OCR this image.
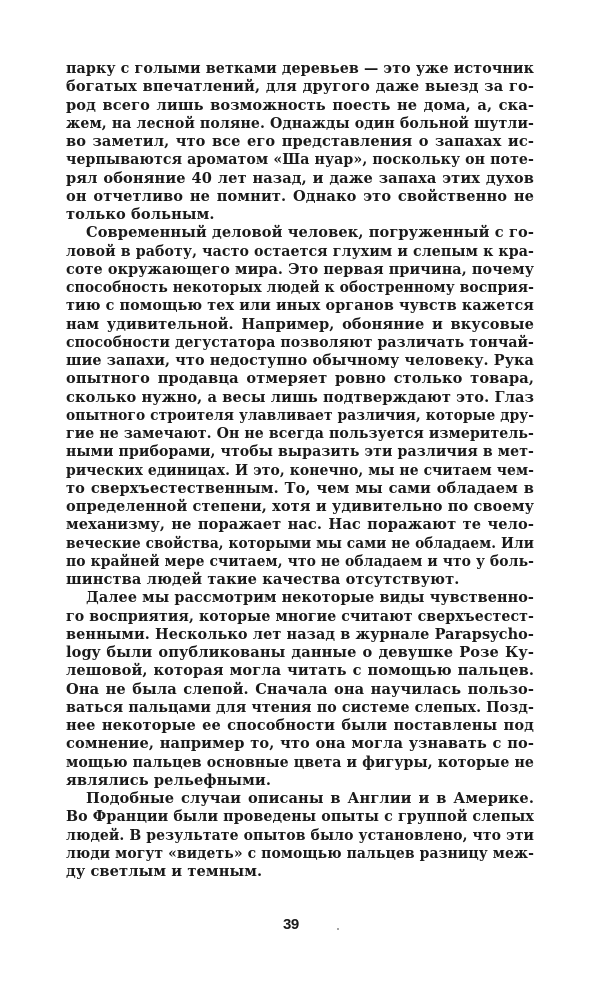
парку с голыми ветками деревьев — это уже источник
богатых впечатлений, для другого даже выезд за го-
род всего лишь возможность поесть не дома, а, ска-
жем, на лесной поляне. Однажды один больной шутли-
во заметил, что все его представления о запахах ис-
черпываются ароматом «Ша нуар», поскольку он поте-
рял обоняние 40 лет назад, и даже запаха этих духов
он отчетливо не помнит. Однако это свойственно не
только больным.
Современный деловой человек, погруженный с го-
ловой в работу, часто остается глухим и слепым к кра-
соте окружающего мира. Это первая причина, почему
способность некоторых людей к обостренному восприя-
тию с помощью тех или иных органов чувств кажется
нам удивительной. Например, обоняние и вкусовые
способности дегустатора позволяют различать тончай-
шие запахи, что недоступно обычному человеку. Рука
опытного продавца отмеряет ровно столько товара,
сколько нужно, а весы лишь подтверждают это. Глаз
опытного строителя улавливает различия, которые дру-
гие не замечают. Он не всегда пользуется измеритель-
ными приборами, чтобы выразить эти различия в мет-
рических единицах. И это, конечно, мы не считаем чем-
то сверхъестественным. То, чем мы сами обладаем в
определенной степени, хотя и удивительно по своему
механизму, не поражает нас. Нас поражают те чело-
веческие свойства, которыми мы сами не обладаем. Или
по крайней мере считаем, что не обладаем и что у боль-
шинства людей такие качества отсутствуют.
Далее мы рассмотрим некоторые виды чувственно-
го восприятия, которые многие считают сверхъестест-
венными. Несколько лет назад в журнале Parapsycho-
logy были опубликованы данные о девушке Розе Ку-
лешовой, которая могла читать с помощью пальцев.
Она не была слепой. Сначала она научилась пользо-
ваться пальцами для чтения по системе слепых. Позд-
нее некоторые ее способности были поставлены под
сомнение, например то, что она могла узнавать с по-
мощью пальцев основные цвета и фигуры, которые не
являлись рельефными.
Подобные случаи описаны в Англии и в Америке.
Во Франции были проведены опыты с группой слепых
людей. В результате опытов было установлено, что эти
люди могут «видеть» с помощью пальцев разницу меж-
ду светлым и темным.
39
